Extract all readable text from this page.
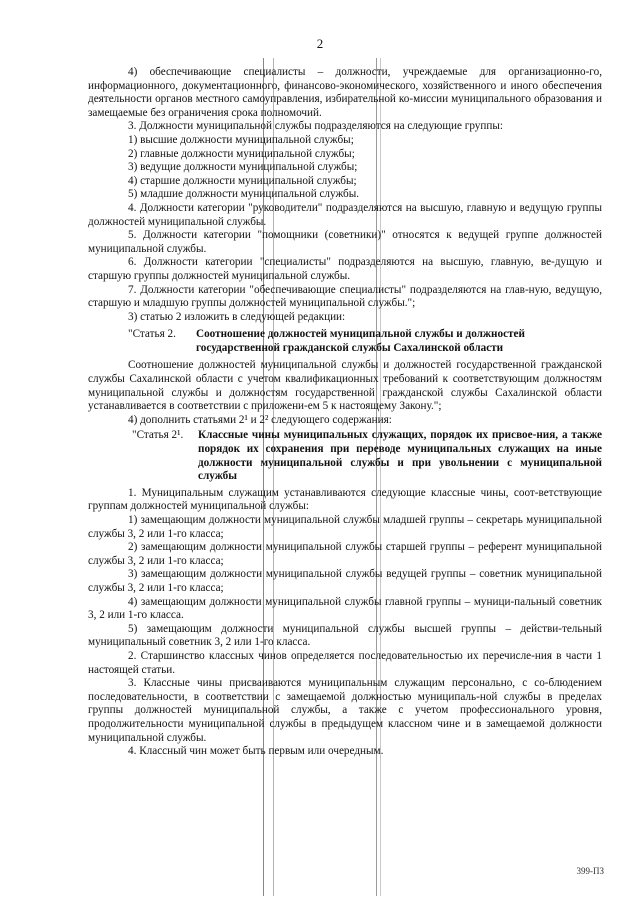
2

4) обеспечивающие специалисты – должности, учреждаемые для организационно-го, информационного, документационного, финансово-экономического, хозяйственного и иного обеспечения деятельности органов местного самоуправления, избирательной ко-миссии муниципального образования и замещаемые без ограничения срока полномочий.

3. Должности муниципальной службы подразделяются на следующие группы:

1) высшие должности муниципальной службы;

2) главные должности муниципальной службы;

3) ведущие должности муниципальной службы;

4) старшие должности муниципальной службы;

5) младшие должности муниципальной службы.

4. Должности категории "руководители" подразделяются на высшую, главную и ведущую группы должностей муниципальной службы.

5. Должности категории "помощники (советники)" относятся к ведущей группе должностей муниципальной службы.

6. Должности категории "специалисты" подразделяются на высшую, главную, ве-дущую и старшую группы должностей муниципальной службы.

7. Должности категории "обеспечивающие специалисты" подразделяются на глав-ную, ведущую, старшую и младшую группы должностей муниципальной службы.";

3) статью 2 изложить в следующей редакции:

"Статья 2.	Соотношение должностей муниципальной службы и должностей государственной гражданской службы Сахалинской области

Соотношение должностей муниципальной службы и должностей государственной гражданской службы Сахалинской области с учетом квалификационных требований к соответствующим должностям муниципальной службы и должностям государственной гражданской службы Сахалинской области устанавливается в соответствии с приложени-ем 5 к настоящему Закону.";

4) дополнить статьями 2¹ и 2² следующего содержания:

"Статья 2¹.	Классные чины муниципальных служащих, порядок их присвое-ния, а также порядок их сохранения при переводе муниципальных служащих на иные должности муниципальной службы и при увольнении с муниципальной службы

1. Муниципальным служащим устанавливаются следующие классные чины, соот-ветствующие группам должностей муниципальной службы:

1) замещающим должности муниципальной службы младшей группы – секретарь муниципальной службы 3, 2 или 1-го класса;

2) замещающим должности муниципальной службы старшей группы – референт муниципальной службы 3, 2 или 1-го класса;

3) замещающим должности муниципальной службы ведущей группы – советник муниципальной службы 3, 2 или 1-го класса;

4) замещающим должности муниципальной службы главной группы – муници-пальный советник 3, 2 или 1-го класса.

5) замещающим должности муниципальной службы высшей группы – действи-тельный муниципальный советник 3, 2 или 1-го класса.

2. Старшинство классных чинов определяется последовательностью их перечисле-ния в части 1 настоящей статьи.

3. Классные чины присваиваются муниципальным служащим персонально, с со-блюдением последовательности, в соответствии с замещаемой должностью муниципаль-ной службы в пределах группы должностей муниципальной службы, а также с учетом профессионального уровня, продолжительности муниципальной службы в предыдущем классном чине и в замещаемой должности муниципальной службы.

4. Классный чин может быть первым или очередным.

399-ПЗ
